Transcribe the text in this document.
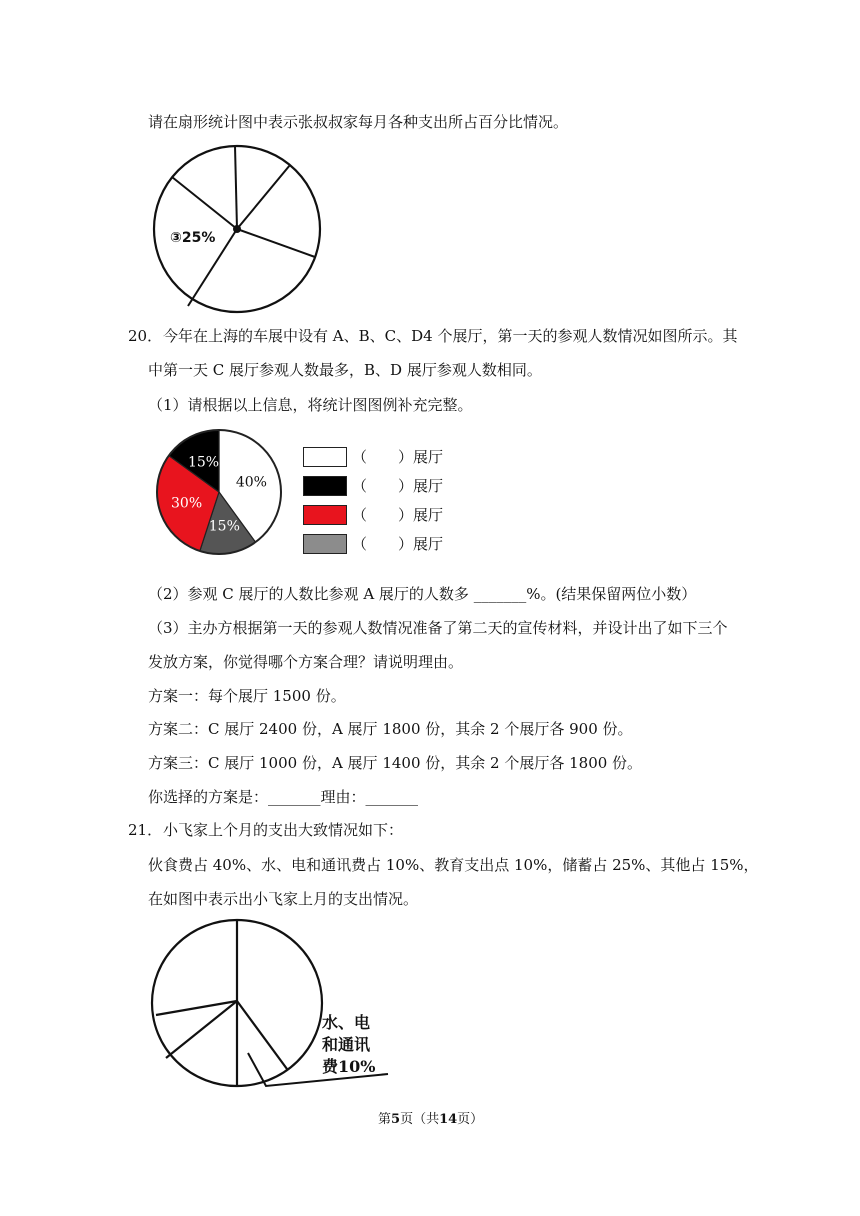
请在扇形统计图中表示张叔叔家每月各种支出所占百分比情况。
③25%
20． 今年在上海的车展中设有 A、B、C、D4 个展厅，第一天的参观人数情况如图所示。其
中第一天 C 展厅参观人数最多，B、D 展厅参观人数相同。
（1）请根据以上信息，将统计图图例补充完整。
40%
15%
30%
15%	（ ）展厅
（ ）展厅
（ ）展厅
（ ）展厅
（2）参观 C 展厅的人数比参观 A 展厅的人数多 _______%。(结果保留两位小数）
（3）主办方根据第一天的参观人数情况准备了第二天的宣传材料，并设计出了如下三个
发放方案，你觉得哪个方案合理？请说明理由。
方案一：每个展厅 1500 份。
方案二：C 展厅 2400 份，A 展厅 1800 份，其余 2 个展厅各 900 份。
方案三：C 展厅 1000 份，A 展厅 1400 份，其余 2 个展厅各 1800 份。
你选择的方案是：_______理由：_______
21． 小飞家上个月的支出大致情况如下：
伙食费占 40%、水、电和通讯费占 10%、教育支出点 10%，储蓄占 25%、其他占 15%，
在如图中表示出小飞家上月的支出情况。
水、电
和通讯
费10%
第5页（共14页）
